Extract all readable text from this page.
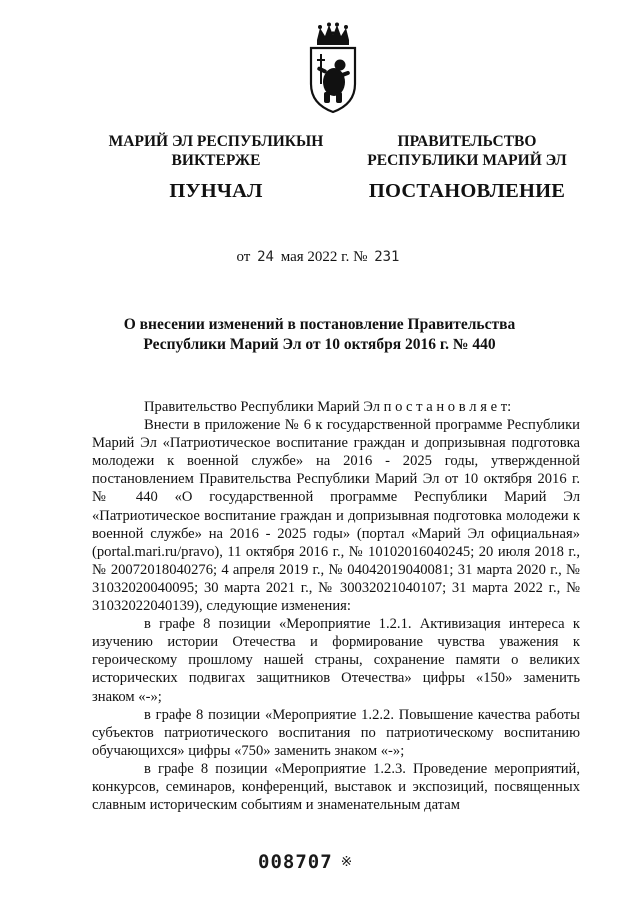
МАРИЙ ЭЛ РЕСПУБЛИКЫН
ВИКТЕРЖЕ
ПУНЧАЛ
ПРАВИТЕЛЬСТВО
РЕСПУБЛИКИ МАРИЙ ЭЛ
ПОСТАНОВЛЕНИЕ
от 24 мая 2022 г. № 231
О внесении изменений в постановление Правительства
Республики Марий Эл от 10 октября 2016 г. № 440

Правительство Республики Марий Эл п о с т а н о в л я е т:

Внести в приложение № 6 к государственной программе Республики Марий Эл «Патриотическое воспитание граждан и допризывная подготовка молодежи к военной службе» на 2016 - 2025 годы, утвержденной постановлением Правительства Республики Марий Эл от 10 октября 2016 г. № 440 «О государственной программе Республики Марий Эл «Патриотическое воспитание граждан и допризывная подготовка молодежи к военной службе» на 2016 - 2025 годы» (портал «Марий Эл официальная» (portal.mari.ru/pravo), 11 октября 2016 г., № 10102016040245; 20 июля 2018 г., № 20072018040276; 4 апреля 2019 г., № 04042019040081; 31 марта 2020 г., № 31032020040095; 30 марта 2021 г., № 30032021040107; 31 марта 2022 г., № 31032022040139), следующие изменения:

в графе 8 позиции «Мероприятие 1.2.1. Активизация интереса к изучению истории Отечества и формирование чувства уважения к героическому прошлому нашей страны, сохранение памяти о великих исторических подвигах защитников Отечества» цифры «150» заменить знаком «-»;

в графе 8 позиции «Мероприятие 1.2.2. Повышение качества работы субъектов патриотического воспитания по патриотическому воспитанию обучающихся» цифры «750» заменить знаком «-»;

в графе 8 позиции «Мероприятие 1.2.3. Проведение мероприятий, конкурсов, семинаров, конференций, выставок и экспозиций, посвященных славным историческим событиям и знаменательным датам

008707 ※
